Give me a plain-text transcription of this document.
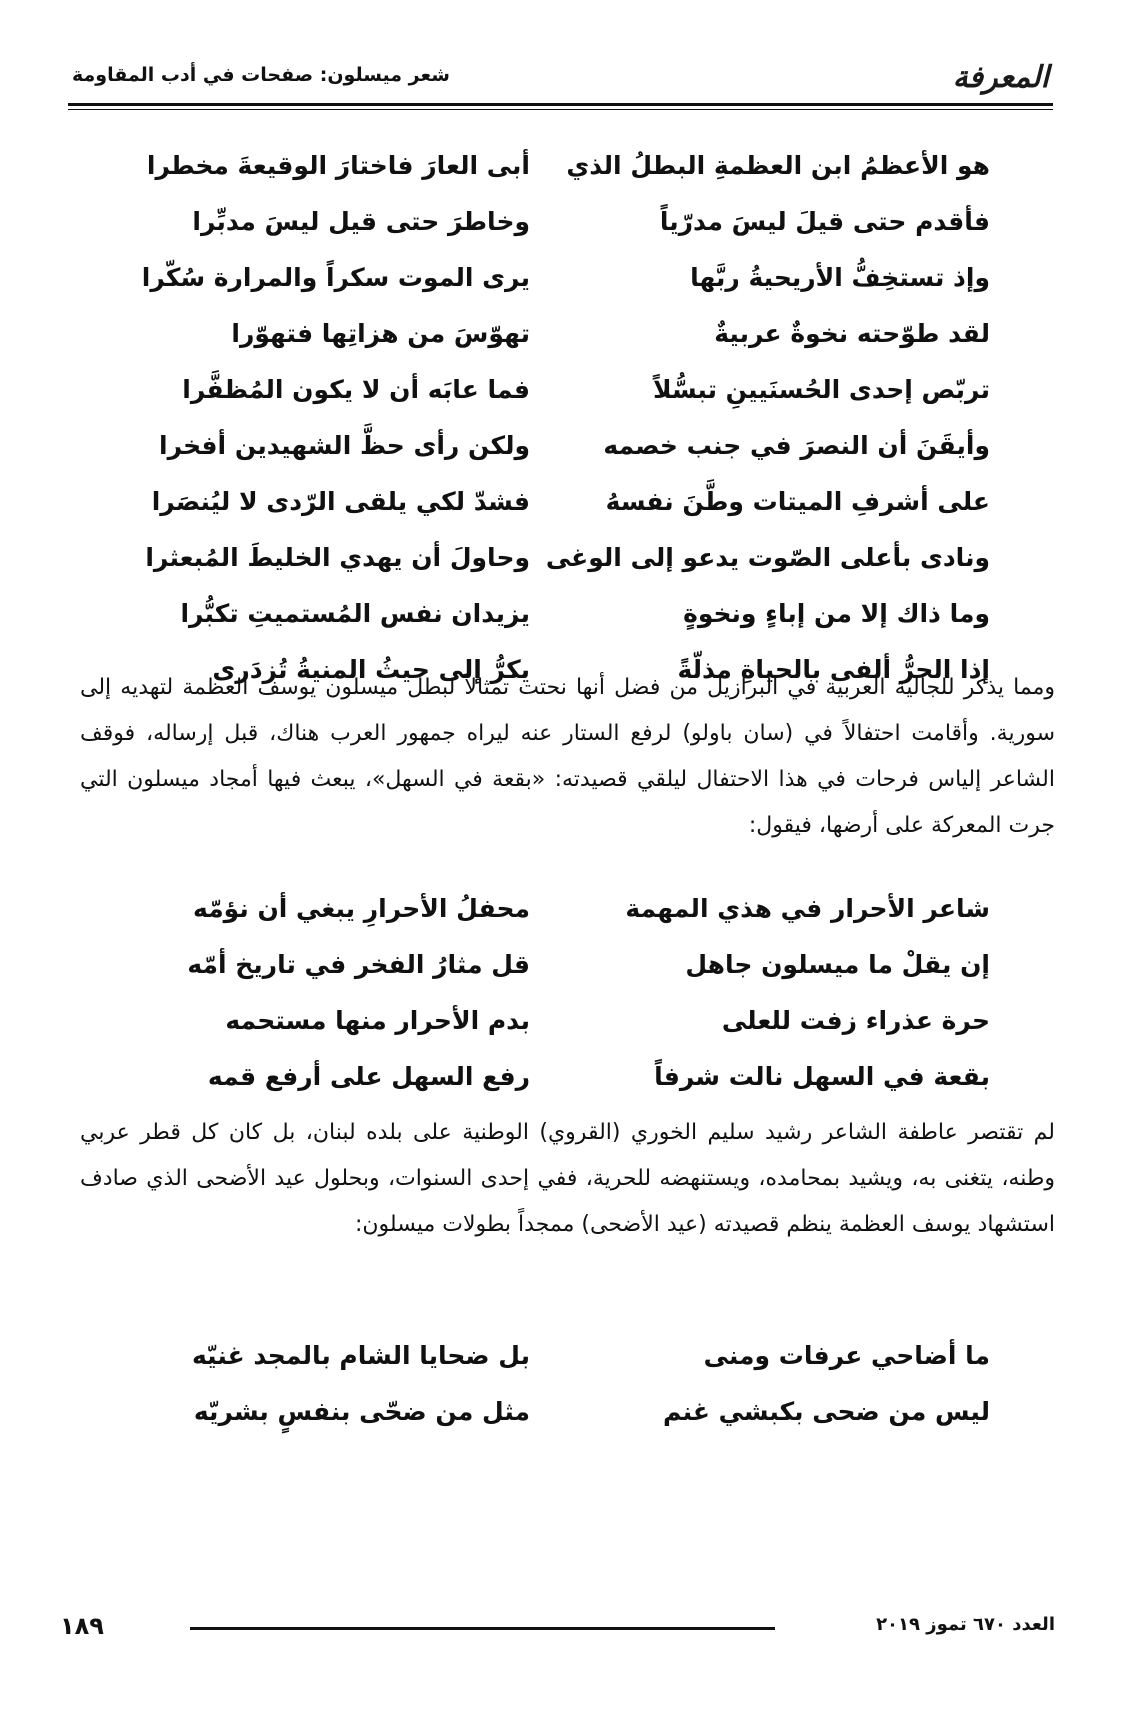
المعرفة
شعر ميسلون: صفحات في أدب المقاومة
هو الأعظمُ ابن العظمةِ البطلُ الذي
أبى العارَ فاختارَ الوقيعةَ مخطرا
فأقدم حتى قيلَ ليسَ مدرّياً
وخاطرَ حتى قيل ليسَ مدبِّرا
وإذ تستخِفُّ الأريحيةُ ربَّها
يرى الموت سكراً والمرارة سُكّرا
لقد طوّحته نخوةٌ عربيةٌ
تهوّسَ من هزاتِها فتهوّرا
تربّص إحدى الحُسنَيينِ تبسُّلاً
فما عابَه أن لا يكون المُظفَّرا
وأيقَنَ أن النصرَ في جنب خصمه
ولكن رأى حظَّ الشهيدين أفخرا
على أشرفِ الميتات وطَّنَ نفسهُ
فشدّ لكي يلقى الرّدى لا ليُنصَرا
ونادى بأعلى الصّوت يدعو إلى الوغى
وحاولَ أن يهدي الخليطَ المُبعثرا
وما ذاك إلا من إباءٍ ونخوةٍ
يزيدان نفس المُستميتِ تكبُّرا
إذا الحرُّ ألفى بالحياةِ مذلّةً
يكرُّ إلى حيثُ المنيةُ تُزدَرى

ومما يذكر للجالية العربية في البرازيل من فضل أنها نحتت تمثالاً لبطل ميسلون يوسف العظمة لتهديه إلى سورية. وأقامت احتفالاً في (سان باولو) لرفع الستار عنه ليراه جمهور العرب هناك، قبل إرساله، فوقف الشاعر إلياس فرحات في هذا الاحتفال ليلقي قصيدته: «بقعة في السهل»، يبعث فيها أمجاد ميسلون التي جرت المعركة على أرضها، فيقول:

شاعر الأحرار في هذي المهمة
محفلُ الأحرارِ يبغي أن نؤمّه
إن يقلْ ما ميسلون جاهل
قل مثارُ الفخر في تاريخ أمّه
حرة عذراء زفت للعلى
بدم الأحرار منها مستحمه
بقعة في السهل نالت شرفاً
رفع السهل على أرفع قمه

لم تقتصر عاطفة الشاعر رشيد سليم الخوري (القروي) الوطنية على بلده لبنان، بل كان كل قطر عربي وطنه، يتغنى به، ويشيد بمحامده، ويستنهضه للحرية، ففي إحدى السنوات، وبحلول عيد الأضحى الذي صادف استشهاد يوسف العظمة ينظم قصيدته (عيد الأضحى) ممجداً بطولات ميسلون:

ما أضاحي عرفات ومنى
بل ضحايا الشام بالمجد غنيّه
ليس من ضحى بكبشي غنم
مثل من ضحّى بنفسٍ بشريّه
١٨٩	العدد ٦٧٠ تموز ٢٠١٩
